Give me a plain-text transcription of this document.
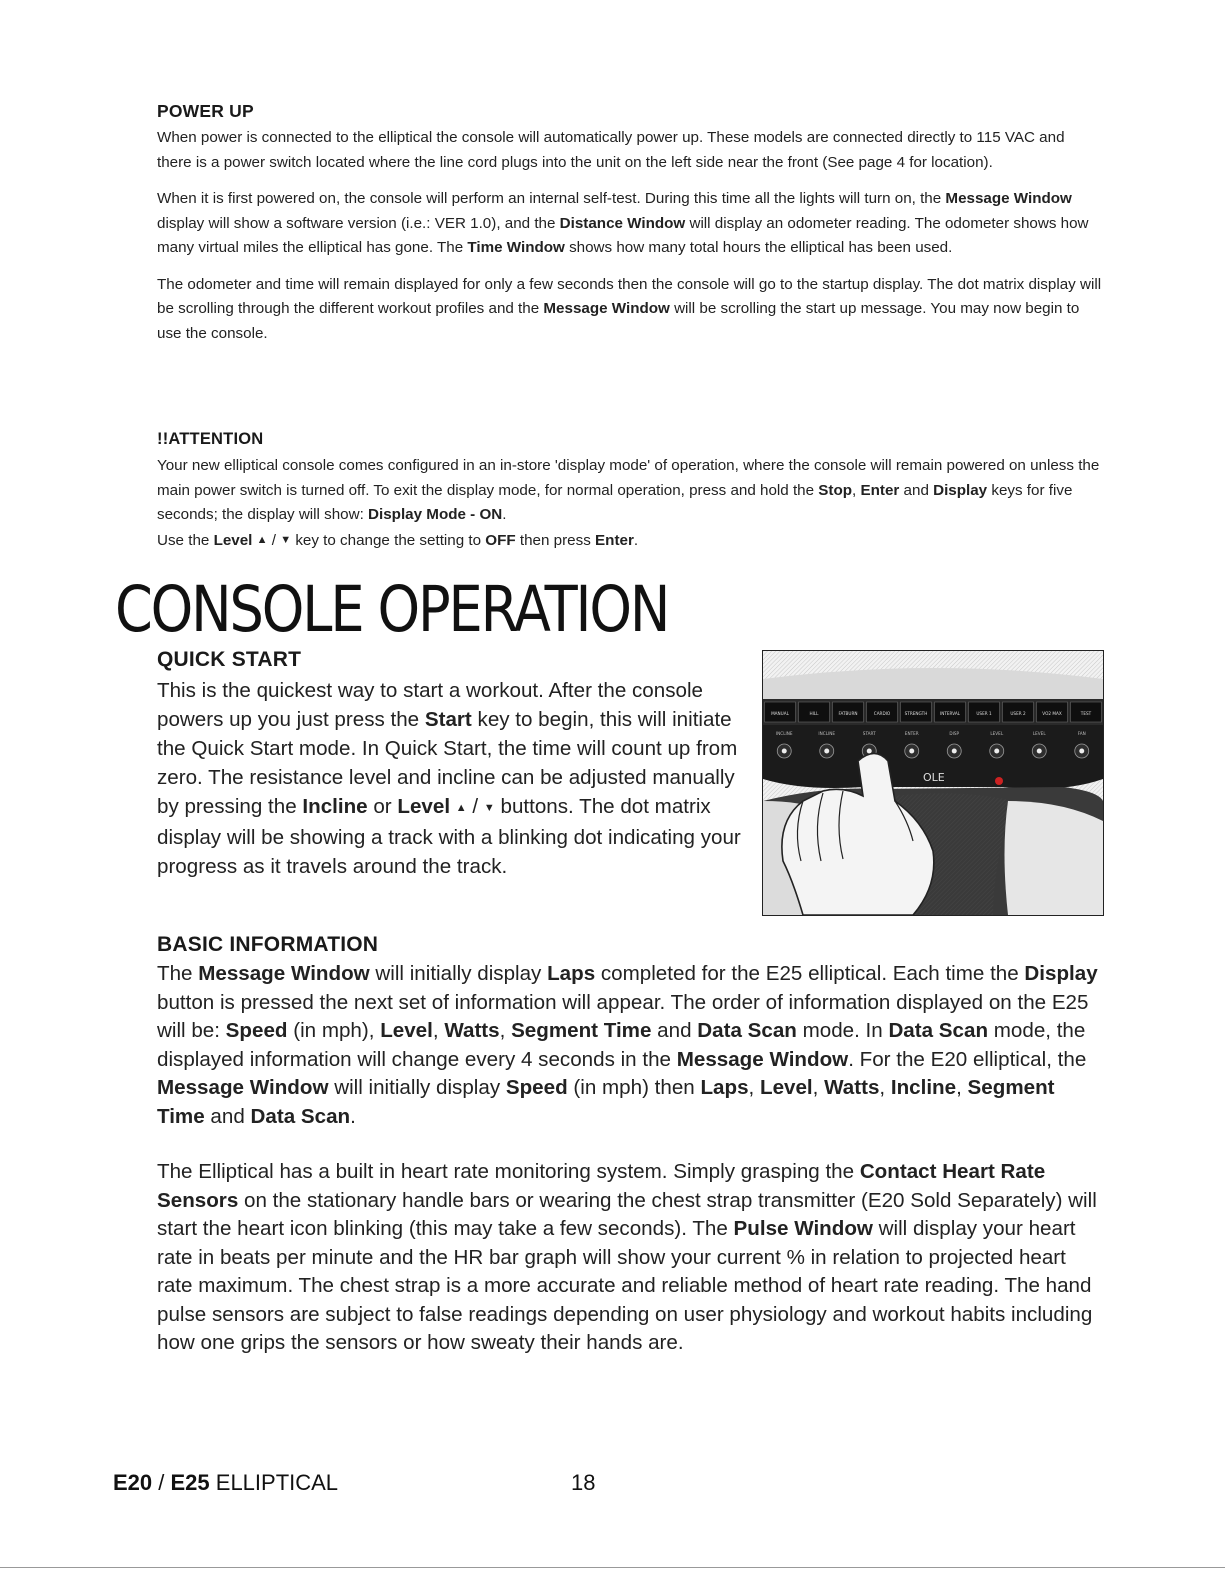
POWER UP

When power is connected to the elliptical the console will automatically power up. These models are connected directly to 115 VAC and there is a power switch located where the line cord plugs into the unit on the left side near the front (See page 4 for location).

When it is first powered on, the console will perform an internal self-test. During this time all the lights will turn on, the Message Window display will show a software version (i.e.: VER 1.0), and the Distance Window will display an odometer reading. The odometer shows how many virtual miles the elliptical has gone. The Time Window shows how many total hours the elliptical has been used.

The odometer and time will remain displayed for only a few seconds then the console will go to the startup display. The dot matrix display will be scrolling through the different workout profiles and the Message Window will be scrolling the start up message. You may now begin to use the console.

!!ATTENTION

Your new elliptical console comes configured in an in-store 'display mode' of operation, where the console will remain powered on unless the main power switch is turned off. To exit the display mode, for normal operation, press and hold the Stop, Enter and Display keys for five seconds; the display will show: Display Mode - ON.

Use the Level ▲ / ▼ key to change the setting to OFF then press Enter.

CONSOLE OPERATION
QUICK START

This is the quickest way to start a workout. After the console powers up you just press the Start key to begin, this will initiate the Quick Start mode. In Quick Start, the time will count up from zero. The resistance level and incline can be adjusted manually by pressing the Incline or Level ▲ / ▼ buttons. The dot matrix display will be showing a track with a blinking dot indicating your progress as it travels around the track.

MANUAL	HILL	FATBURN	CARDIO	STRENGTH	INTERVAL	USER 1	USER 2	VO2 MAX	TEST
INCLINE	INCLINE	START	ENTER	DISP	LEVEL	LEVEL	FAN
OLE
BASIC INFORMATION

The Message Window will initially display Laps completed for the E25 elliptical. Each time the Display button is pressed the next set of information will appear. The order of information displayed on the E25 will be: Speed (in mph), Level, Watts, Segment Time and Data Scan mode. In Data Scan mode, the displayed information will change every 4 seconds in the Message Window. For the E20 elliptical, the Message Window will initially display Speed (in mph) then Laps, Level, Watts, Incline, Segment Time and Data Scan.

The Elliptical has a built in heart rate monitoring system. Simply grasping the Contact Heart Rate Sensors on the stationary handle bars or wearing the chest strap transmitter (E20 Sold Separately) will start the heart icon blinking (this may take a few seconds). The Pulse Window will display your heart rate in beats per minute and the HR bar graph will show your current % in relation to projected heart rate maximum. The chest strap is a more accurate and reliable method of heart rate reading. The hand pulse sensors are subject to false readings depending on user physiology and workout habits including how one grips the sensors or how sweaty their hands are.

E20 / E25 ELLIPTICAL	18
